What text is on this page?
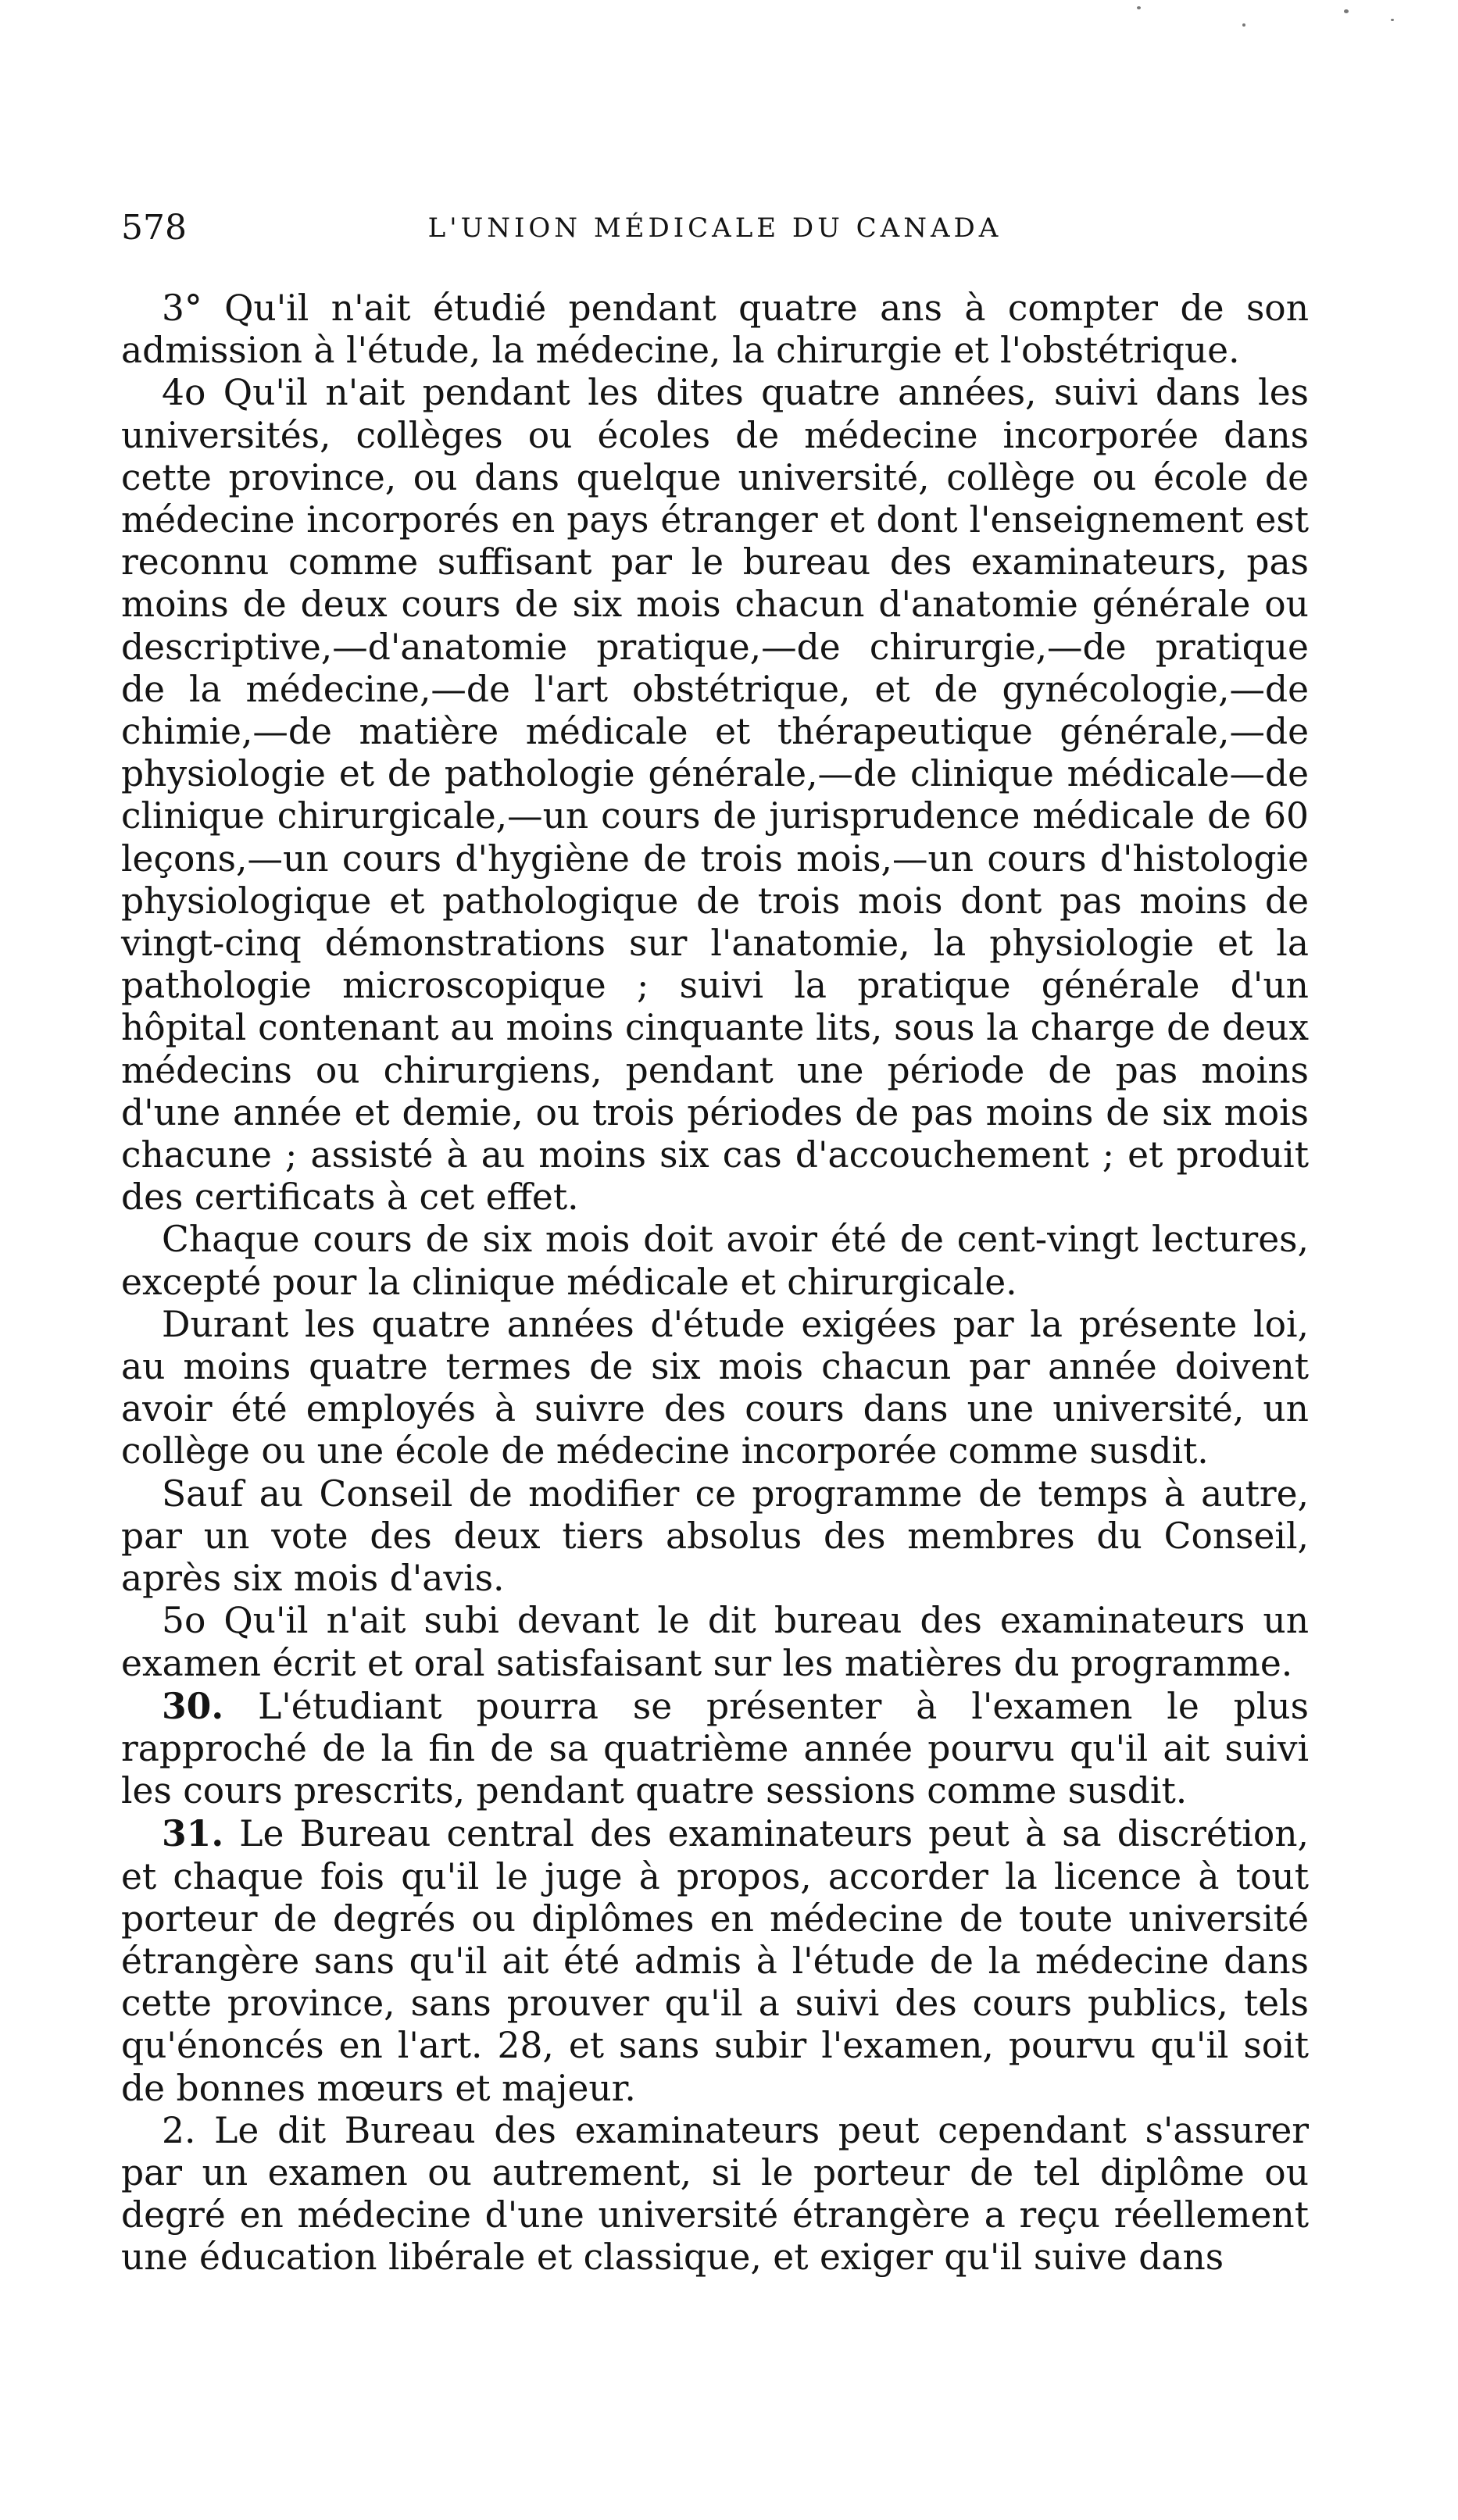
578	L'UNION MÉDICALE DU CANADA

3° Qu'il n'ait étudié pendant quatre ans à compter de son admission à l'étude, la médecine, la chirurgie et l'obstétrique.

4o Qu'il n'ait pendant les dites quatre années, suivi dans les universités, collèges ou écoles de médecine incorporée dans cette province, ou dans quelque université, collège ou école de médecine incorporés en pays étranger et dont l'enseignement est reconnu comme suffisant par le bureau des examinateurs, pas moins de deux cours de six mois chacun d'anatomie générale ou descriptive,—d'anatomie pratique,—de chirurgie,—de pratique de la médecine,—de l'art obstétrique, et de gynécologie,—de chimie,—de matière médicale et thérapeutique générale,—de physiologie et de pathologie générale,—de clinique médicale—de clinique chirurgicale,—un cours de jurisprudence médicale de 60 leçons,—un cours d'hygiène de trois mois,—un cours d'histologie physiologique et pathologique de trois mois dont pas moins de vingt-cinq démonstrations sur l'anatomie, la physiologie et la pathologie microscopique ; suivi la pratique générale d'un hôpital contenant au moins cinquante lits, sous la charge de deux médecins ou chirurgiens, pendant une période de pas moins d'une année et demie, ou trois périodes de pas moins de six mois chacune ; assisté à au moins six cas d'accouchement ; et produit des certificats à cet effet.

Chaque cours de six mois doit avoir été de cent-vingt lectures, excepté pour la clinique médicale et chirurgicale.

Durant les quatre années d'étude exigées par la présente loi, au moins quatre termes de six mois chacun par année doivent avoir été employés à suivre des cours dans une université, un collège ou une école de médecine incorporée comme susdit.

Sauf au Conseil de modifier ce programme de temps à autre, par un vote des deux tiers absolus des membres du Conseil, après six mois d'avis.

5o Qu'il n'ait subi devant le dit bureau des examinateurs un examen écrit et oral satisfaisant sur les matières du programme.

30. L'étudiant pourra se présenter à l'examen le plus rapproché de la fin de sa quatrième année pourvu qu'il ait suivi les cours prescrits, pendant quatre sessions comme susdit.

31. Le Bureau central des examinateurs peut à sa discrétion, et chaque fois qu'il le juge à propos, accorder la licence à tout porteur de degrés ou diplômes en médecine de toute université étrangère sans qu'il ait été admis à l'étude de la médecine dans cette province, sans prouver qu'il a suivi des cours publics, tels qu'énoncés en l'art. 28, et sans subir l'examen, pourvu qu'il soit de bonnes mœurs et majeur.

2. Le dit Bureau des examinateurs peut cependant s'assurer par un examen ou autrement, si le porteur de tel diplôme ou degré en médecine d'une université étrangère a reçu réellement une éducation libérale et classique, et exiger qu'il suive dans
